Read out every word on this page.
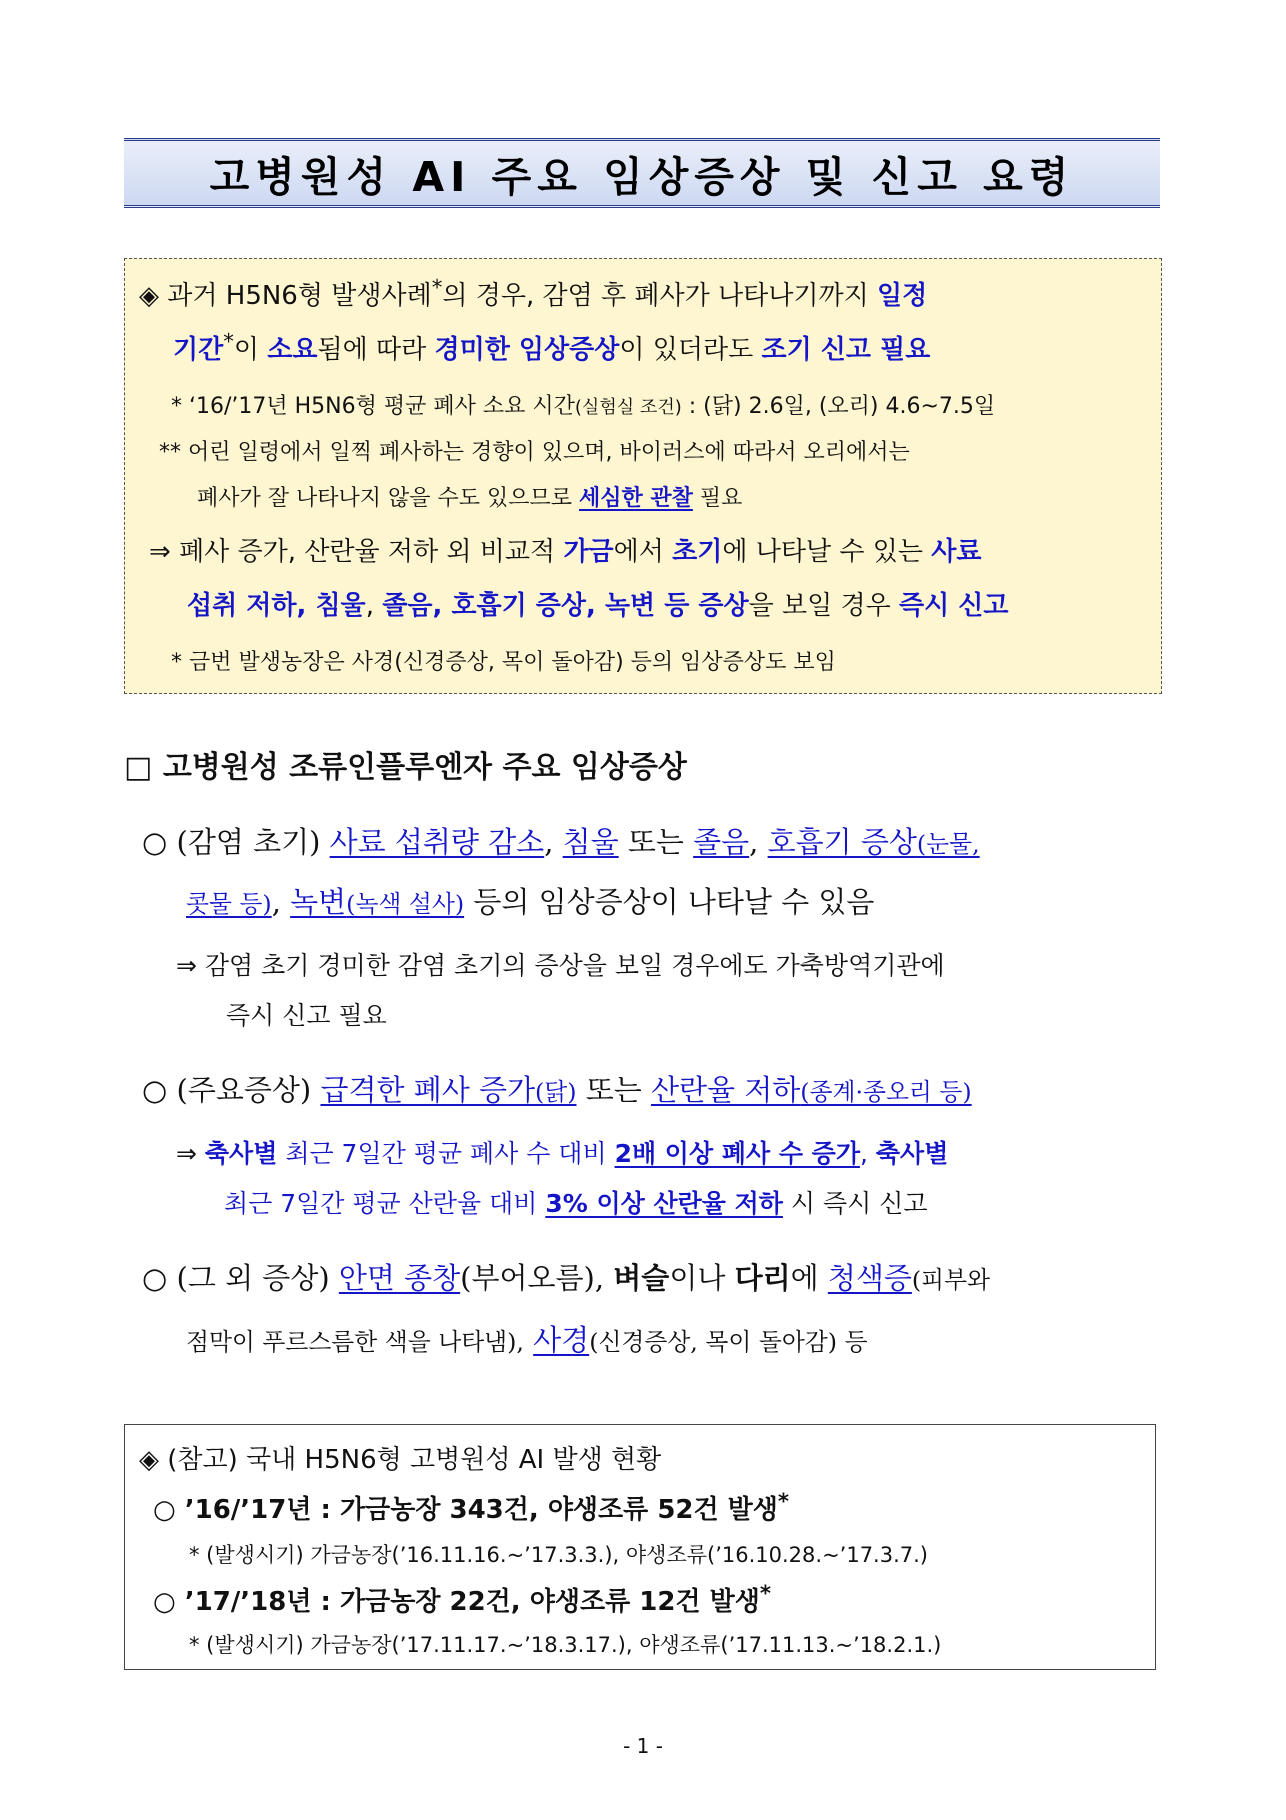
고병원성 AI 주요 임상증상 및 신고 요령
◈ 과거 H5N6형 발생사례*의 경우, 감염 후 폐사가 나타나기까지 일정
기간*이 소요됨에 따라 경미한 임상증상이 있더라도 조기 신고 필요
* ‘16/’17년 H5N6형 평균 폐사 소요 시간(실험실 조건) : (닭) 2.6일, (오리) 4.6~7.5일
** 어린 일령에서 일찍 폐사하는 경향이 있으며, 바이러스에 따라서 오리에서는
폐사가 잘 나타나지 않을 수도 있으므로 세심한 관찰 필요
⇒ 폐사 증가, 산란율 저하 외 비교적 가금에서 초기에 나타날 수 있는 사료
섭취 저하, 침울, 졸음, 호흡기 증상, 녹변 등 증상을 보일 경우 즉시 신고
* 금번 발생농장은 사경(신경증상, 목이 돌아감) 등의 임상증상도 보임
□ 고병원성 조류인플루엔자 주요 임상증상
○ (감염 초기) 사료 섭취량 감소, 침울 또는 졸음, 호흡기 증상(눈물,
콧물 등), 녹변(녹색 설사) 등의 임상증상이 나타날 수 있음
⇒ 감염 초기 경미한 감염 초기의 증상을 보일 경우에도 가축방역기관에
즉시 신고 필요
○ (주요증상) 급격한 폐사 증가(닭) 또는 산란율 저하(종계·종오리 등)
⇒ 축사별 최근 7일간 평균 폐사 수 대비 2배 이상 폐사 수 증가, 축사별
최근 7일간 평균 산란율 대비 3% 이상 산란율 저하 시 즉시 신고
○ (그 외 증상) 안면 종창(부어오름), 벼슬이나 다리에 청색증(피부와
점막이 푸르스름한 색을 나타냄), 사경(신경증상, 목이 돌아감) 등
◈ (참고) 국내 H5N6형 고병원성 AI 발생 현황
○ ’16/’17년 : 가금농장 343건, 야생조류 52건 발생*
* (발생시기) 가금농장(’16.11.16.~’17.3.3.), 야생조류(’16.10.28.~’17.3.7.)
○ ’17/’18년 : 가금농장 22건, 야생조류 12건 발생*
* (발생시기) 가금농장(’17.11.17.~’18.3.17.), 야생조류(’17.11.13.~’18.2.1.)
- 1 -
